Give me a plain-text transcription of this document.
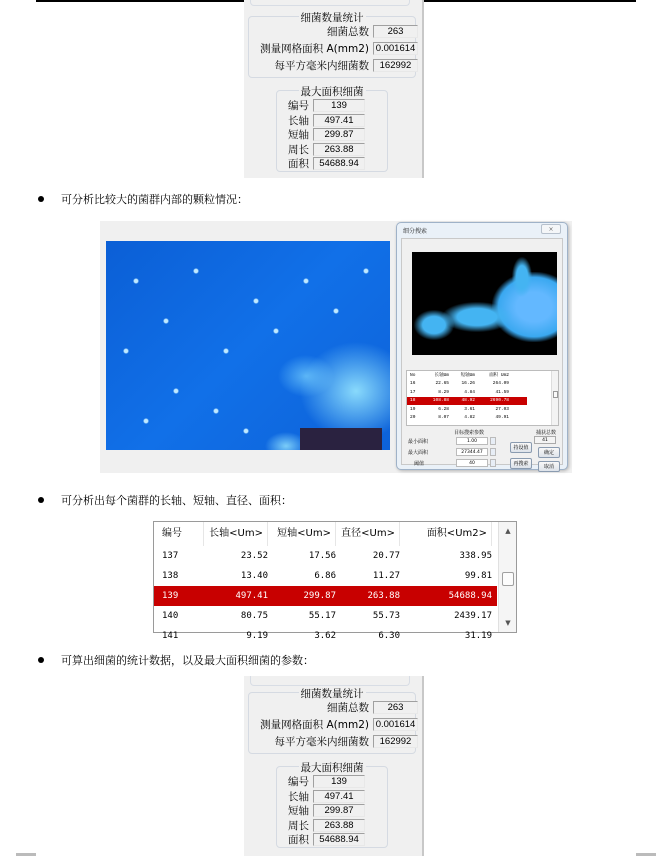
细菌数量统计
细菌总数	263
测量网格面积 A(mm2) 0.001614
每平方毫米内细菌数	162992
最大面积细菌
编号	139
长轴	497.41
短轴	299.87
周长	263.88
面积	54688.94
可分析比较大的菌群内部的颗粒情况：
细分搜索	×
No	长轴Um	短轴Um	面积 Um2
16	22.65	16.26	264.09
17	8.29	4.84	41.59
18	108.88	48.92	2690.78
19	6.28	3.61	27.03
20	8.07	4.82	49.91
目标搜索参数
最小面积	1.00
最大面积	27344.47
阈值	40
持设值
再搜索
捕获总数
41
确定
取消
可分析出每个菌群的长轴、短轴、直径、面积：
编号	长轴<Um>	短轴<Um>	直径<Um>	面积<Um2>
137	23.52	17.56	20.77	338.95
138	13.40	6.86	11.27	99.81
139	497.41	299.87	263.88	54688.94
140	80.75	55.17	55.73	2439.17
141	9.19	3.62	6.30	31.19
▲
▼
可算出细菌的统计数据，以及最大面积细菌的参数：
细菌数量统计
细菌总数	263
测量网格面积 A(mm2) 0.001614
每平方毫米内细菌数	162992
最大面积细菌
编号	139
长轴	497.41
短轴	299.87
周长	263.88
面积	54688.94
